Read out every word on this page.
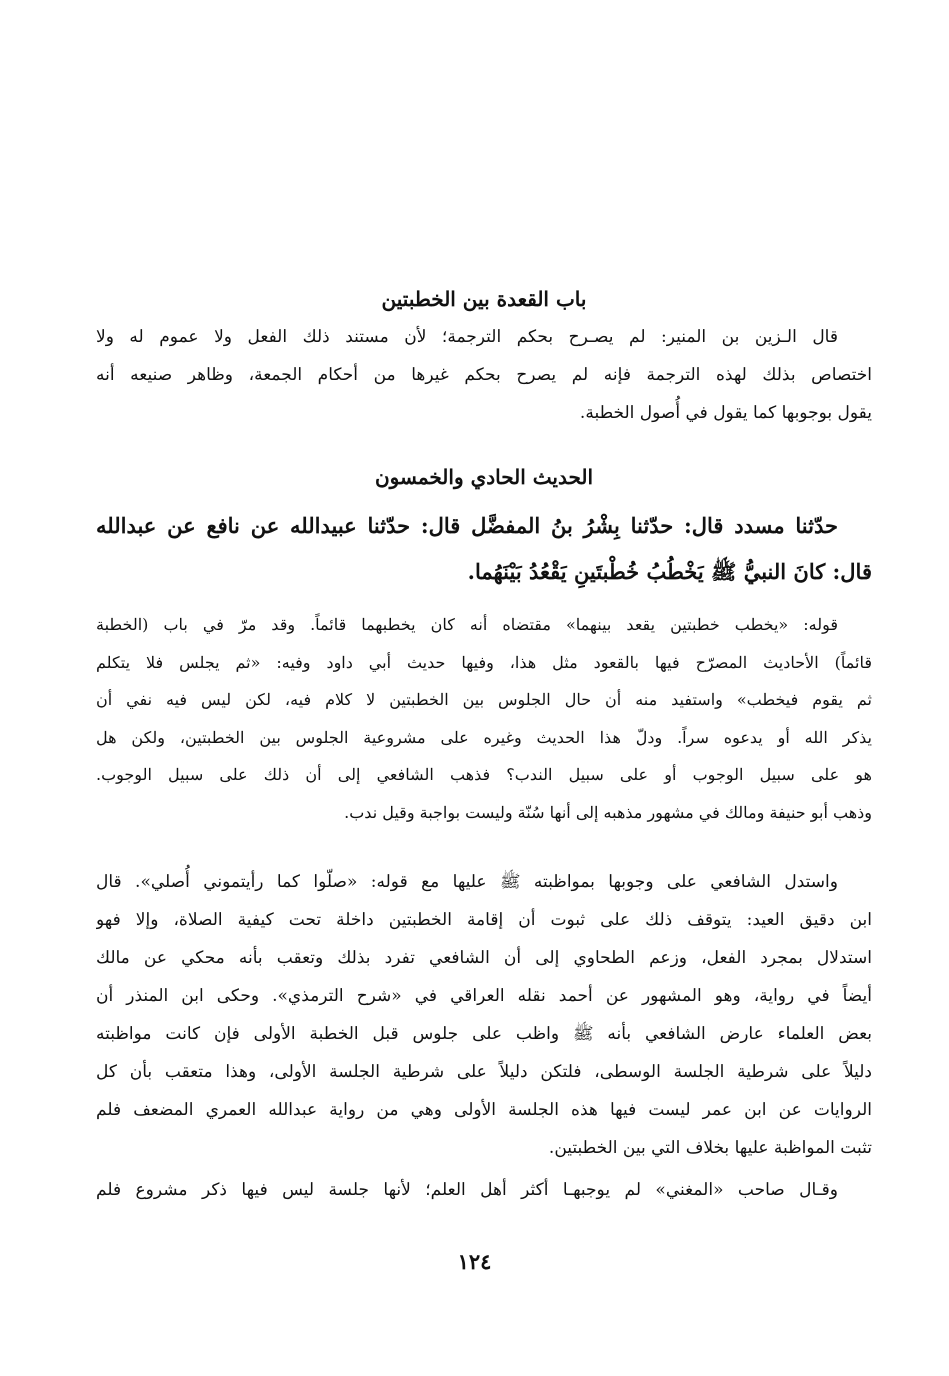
باب القعدة بين الخطبتين
قال الـزين بن المنير: لم يصـرح بحكم الترجمة؛ لأن مستند ذلك الفعل ولا عموم له ولا
اختصاص بذلك لهذه الترجمة فإنه لم يصرح بحكم غيرها من أحكام الجمعة، وظاهر صنيعه أنه
يقول بوجوبها كما يقول في أُصول الخطبة.
الحديث الحادي والخمسون
حدّثنا مسدد قال: حدّثنا بِشْرُ بنُ المفضَّل قال: حدّثنا عبيدالله عن نافع عن عبدالله
قال: كانَ النبيُّ ﷺ يَخْطُبُ خُطْبتَينِ يَقْعُدُ بَيْنَهُما.
قوله: «يخطب خطبتين يقعد بينهما» مقتضاه أنه كان يخطبهما قائماً. وقد مرّ في باب (الخطبة
قائماً) الأحاديث المصرّح فيها بالقعود مثل هذا، وفيها حديث أبي داود وفيه: «ثم يجلس فلا يتكلم
ثم يقوم فيخطب» واستفيد منه أن حال الجلوس بين الخطبتين لا كلام فيه، لكن ليس فيه نفي أن
يذكر الله أو يدعوه سراً. ودلّ هذا الحديث وغيره على مشروعية الجلوس بين الخطبتين، ولكن هل
هو على سبيل الوجوب أو على سبيل الندب؟ فذهب الشافعي إلى أن ذلك على سبيل الوجوب.
وذهب أبو حنيفة ومالك في مشهور مذهبه إلى أنها سُنّة وليست بواجبة وقيل ندب.
واستدل الشافعي على وجوبها بمواظبته ﷺ عليها مع قوله: «صلّوا كما رأيتموني أُصلي». قال
ابن دقيق العيد: يتوقف ذلك على ثبوت أن إقامة الخطبتين داخلة تحت كيفية الصلاة، وإلا فهو
استدلال بمجرد الفعل، وزعم الطحاوي إلى أن الشافعي تفرد بذلك وتعقب بأنه محكي عن مالك
أيضاً في رواية، وهو المشهور عن أحمد نقله العراقي في «شرح الترمذي». وحكى ابن المنذر أن
بعض العلماء عارض الشافعي بأنه ﷺ واظب على جلوس قبل الخطبة الأولى فإن كانت مواظبته
دليلاً على شرطية الجلسة الوسطى، فلتكن دليلاً على شرطية الجلسة الأولى، وهذا متعقب بأن كل
الروايات عن ابن عمر ليست فيها هذه الجلسة الأولى وهي من رواية عبدالله العمري المضعف فلم
تثبت المواظبة عليها بخلاف التي بين الخطبتين.
وقـال صاحب «المغني» لم يوجبهـا أكثر أهل العلم؛ لأنها جلسة ليس فيها ذكر مشروع فلم
١٢٤
